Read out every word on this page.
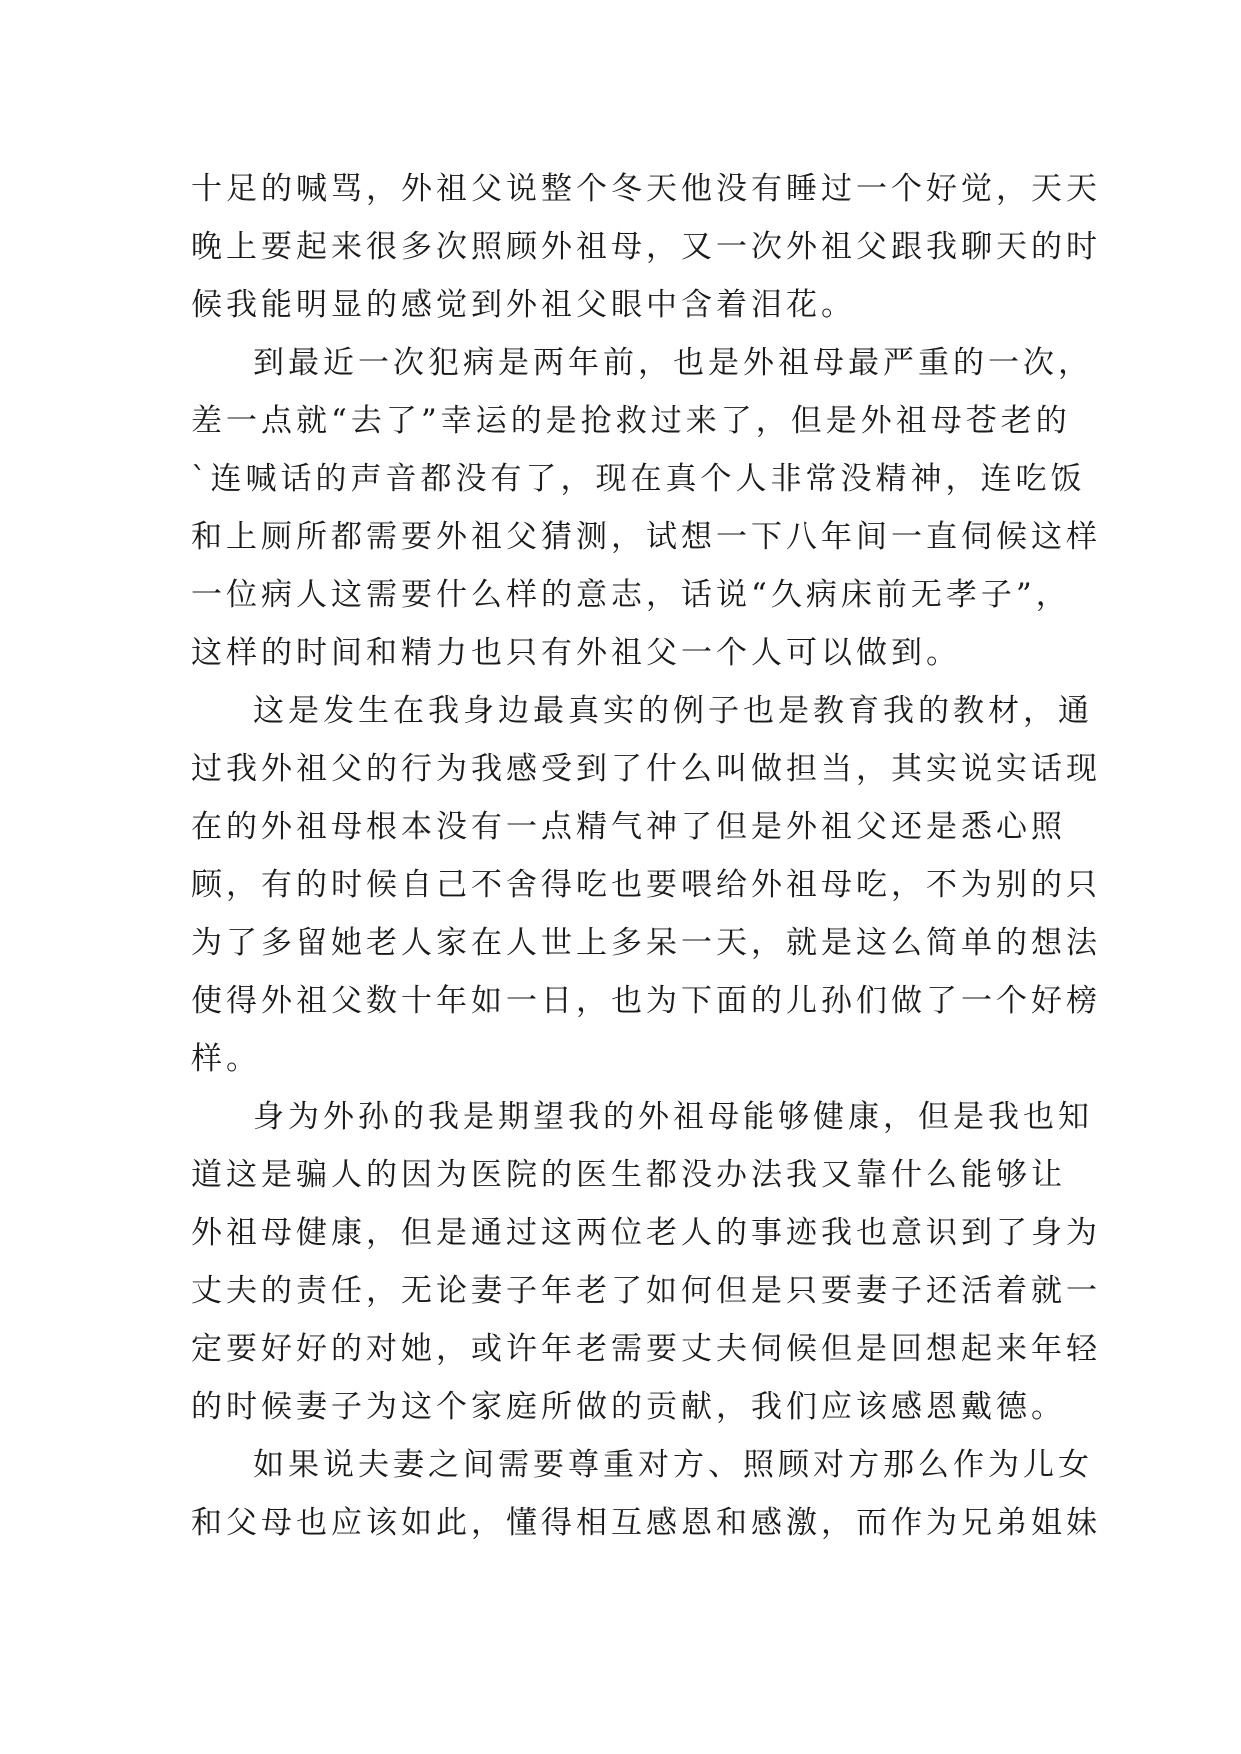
十足的喊骂，外祖父说整个冬天他没有睡过一个好觉，天天
晚上要起来很多次照顾外祖母，又一次外祖父跟我聊天的时
候我能明显的感觉到外祖父眼中含着泪花。
到最近一次犯病是两年前，也是外祖母最严重的一次，
差一点就“去了”幸运的是抢救过来了，但是外祖母苍老的
`连喊话的声音都没有了，现在真个人非常没精神，连吃饭
和上厕所都需要外祖父猜测，试想一下八年间一直伺候这样
一位病人这需要什么样的意志，话说“久病床前无孝子”，
这样的时间和精力也只有外祖父一个人可以做到。
这是发生在我身边最真实的例子也是教育我的教材，通
过我外祖父的行为我感受到了什么叫做担当，其实说实话现
在的外祖母根本没有一点精气神了但是外祖父还是悉心照
顾，有的时候自己不舍得吃也要喂给外祖母吃，不为别的只
为了多留她老人家在人世上多呆一天，就是这么简单的想法
使得外祖父数十年如一日，也为下面的儿孙们做了一个好榜
样。
身为外孙的我是期望我的外祖母能够健康，但是我也知
道这是骗人的因为医院的医生都没办法我又靠什么能够让
外祖母健康，但是通过这两位老人的事迹我也意识到了身为
丈夫的责任，无论妻子年老了如何但是只要妻子还活着就一
定要好好的对她，或许年老需要丈夫伺候但是回想起来年轻
的时候妻子为这个家庭所做的贡献，我们应该感恩戴德。
如果说夫妻之间需要尊重对方、照顾对方那么作为儿女
和父母也应该如此，懂得相互感恩和感激，而作为兄弟姐妹
